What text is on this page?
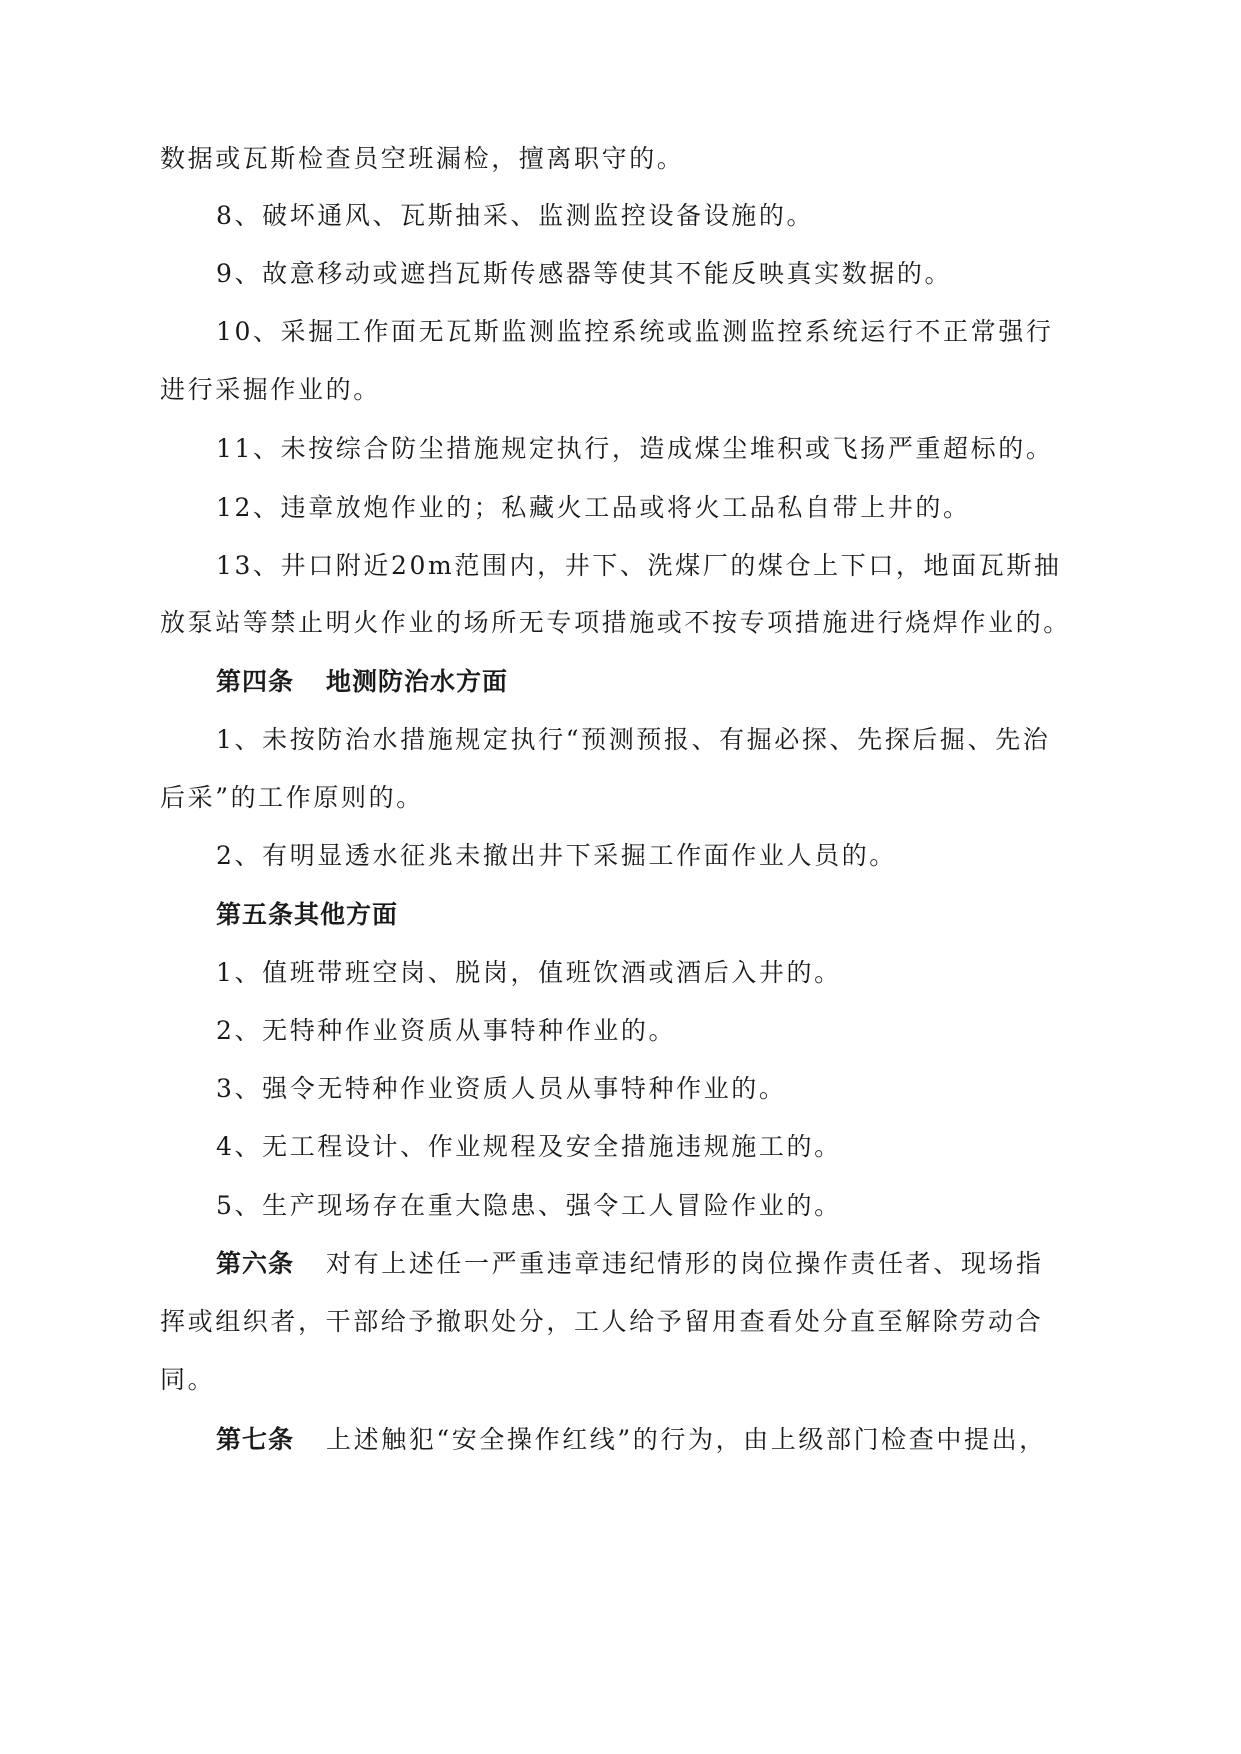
数据或瓦斯检查员空班漏检，擅离职守的。
8、破坏通风、瓦斯抽采、监测监控设备设施的。
9、故意移动或遮挡瓦斯传感器等使其不能反映真实数据的。
10、采掘工作面无瓦斯监测监控系统或监测监控系统运行不正常强行
进行采掘作业的。
11、未按综合防尘措施规定执行，造成煤尘堆积或飞扬严重超标的。
12、违章放炮作业的；私藏火工品或将火工品私自带上井的。
13、井口附近20m范围内，井下、洗煤厂的煤仓上下口，地面瓦斯抽
放泵站等禁止明火作业的场所无专项措施或不按专项措施进行烧焊作业的。
第四条 地测防治水方面
1、未按防治水措施规定执行“预测预报、有掘必探、先探后掘、先治
后采”的工作原则的。
2、有明显透水征兆未撤出井下采掘工作面作业人员的。
第五条其他方面
1、值班带班空岗、脱岗，值班饮酒或酒后入井的。
2、无特种作业资质从事特种作业的。
3、强令无特种作业资质人员从事特种作业的。
4、无工程设计、作业规程及安全措施违规施工的。
5、生产现场存在重大隐患、强令工人冒险作业的。
第六条 对有上述任一严重违章违纪情形的岗位操作责任者、现场指
挥或组织者，干部给予撤职处分，工人给予留用查看处分直至解除劳动合
同。
第七条 上述触犯“安全操作红线”的行为，由上级部门检查中提出，
